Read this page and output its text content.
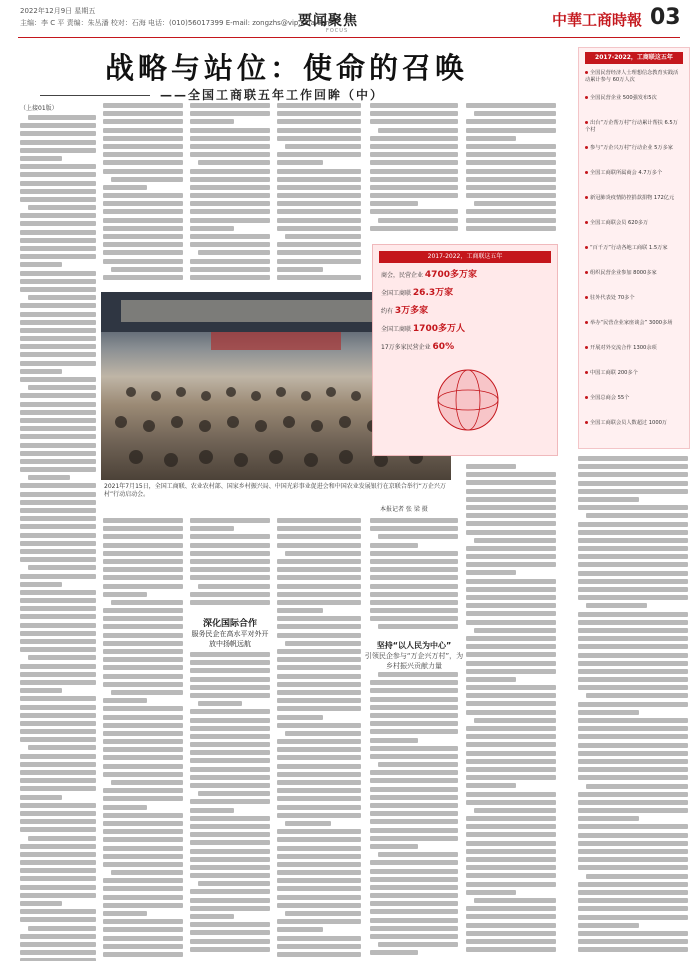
2022年12月9日 星期五
主编：李 C 平 责编：朱丛潘 校对：石海 电话：(010)56017399 E-mail: zongzhs@vip.sina.com
要闻聚焦
FOCUS
中華工商時報 03
战略与站位：使命的召唤
——全国工商联五年工作回眸（中）
（上接01版）
2021年7月15日，全国工商联、农业农村部、国家乡村振兴局、中国光彩事业促进会和中国农业发展银行在京联合举行“万企兴万村”行动启动会。
本报记者 张 梁 摄
2017-2022，工商联这五年
商会，民营企业 4700多万家
全国工商联 26.3万家
约有 3万多家
全国工商联 1700多万人
17万多家民营企业 60%
深化国际合作
服务民企在高水平对外开放中扬帆远航	坚持“以人民为中心”
引领民企参与“万企兴万村”，为乡村振兴贡献力量
2017-2022，工商联这五年
全国民营经济人士理想信念教育实践活动累计参与 60万人次
全国民营企业 500强发布5次
出台“万企帮万村”行动累计帮扶 6.5万个村
参与“万企兴万村”行动企业 5万多家
全国工商联所属商会 4.7万多个
新冠肺炎疫情防控捐款捐物 172亿元
全国工商联会员 620多万
“百千万”行动各地工商联 1.5万家
组织民营企业参加 8000多家
驻外代表处 70多个
举办“民营企业家座谈会” 3000多场
开展对外交流合作 1300余项
中国工商联 200多个
全国总商会 55个
全国工商联会员人数超过 1000万
